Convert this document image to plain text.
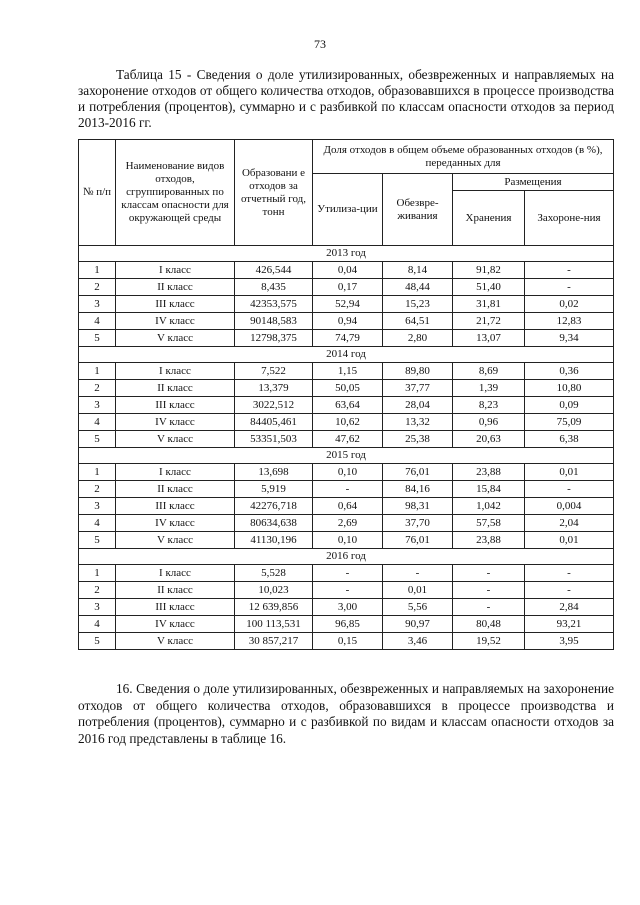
73
Таблица 15 - Сведения о доле утилизированных, обезвреженных и направляемых на захоронение отходов от общего количества отходов, образовавшихся в процессе производства и потребления (процентов), суммарно и с разбивкой по классам опасности отходов за период 2013-2016 гг.
№ п/п	Наименование видов отходов, сгруппированных по классам опасности для окружающей среды	Образовани е отходов за отчетный год, тонн	Доля отходов в общем объеме образованных отходов (в %), переданных для			
			Утилиза-ции	Обезвре-живания	Размещения	
					Хранения	Захороне-ния
2013 год						
1	I класс	426,544	0,04	8,14	91,82	-
2	II класс	8,435	0,17	48,44	51,40	-
3	III класс	42353,575	52,94	15,23	31,81	0,02
4	IV класс	90148,583	0,94	64,51	21,72	12,83
5	V класс	12798,375	74,79	2,80	13,07	9,34
2014 год						
1	I класс	7,522	1,15	89,80	8,69	0,36
2	II класс	13,379	50,05	37,77	1,39	10,80
3	III класс	3022,512	63,64	28,04	8,23	0,09
4	IV класс	84405,461	10,62	13,32	0,96	75,09
5	V класс	53351,503	47,62	25,38	20,63	6,38
2015 год						
1	I класс	13,698	0,10	76,01	23,88	0,01
2	II класс	5,919	-	84,16	15,84	-
3	III класс	42276,718	0,64	98,31	1,042	0,004
4	IV класс	80634,638	2,69	37,70	57,58	2,04
5	V класс	41130,196	0,10	76,01	23,88	0,01
2016 год						
1	I класс	5,528	-	-	-	-
2	II класс	10,023	-	0,01	-	-
3	III класс	12 639,856	3,00	5,56	-	2,84
4	IV класс	100 113,531	96,85	90,97	80,48	93,21
5	V класс	30 857,217	0,15	3,46	19,52	3,95
16. Сведения о доле утилизированных, обезвреженных и направляемых на захоронение отходов от общего количества отходов, образовавшихся в процессе производства и потребления (процентов), суммарно и с разбивкой по видам и классам опасности отходов за 2016 год представлены в таблице 16.
